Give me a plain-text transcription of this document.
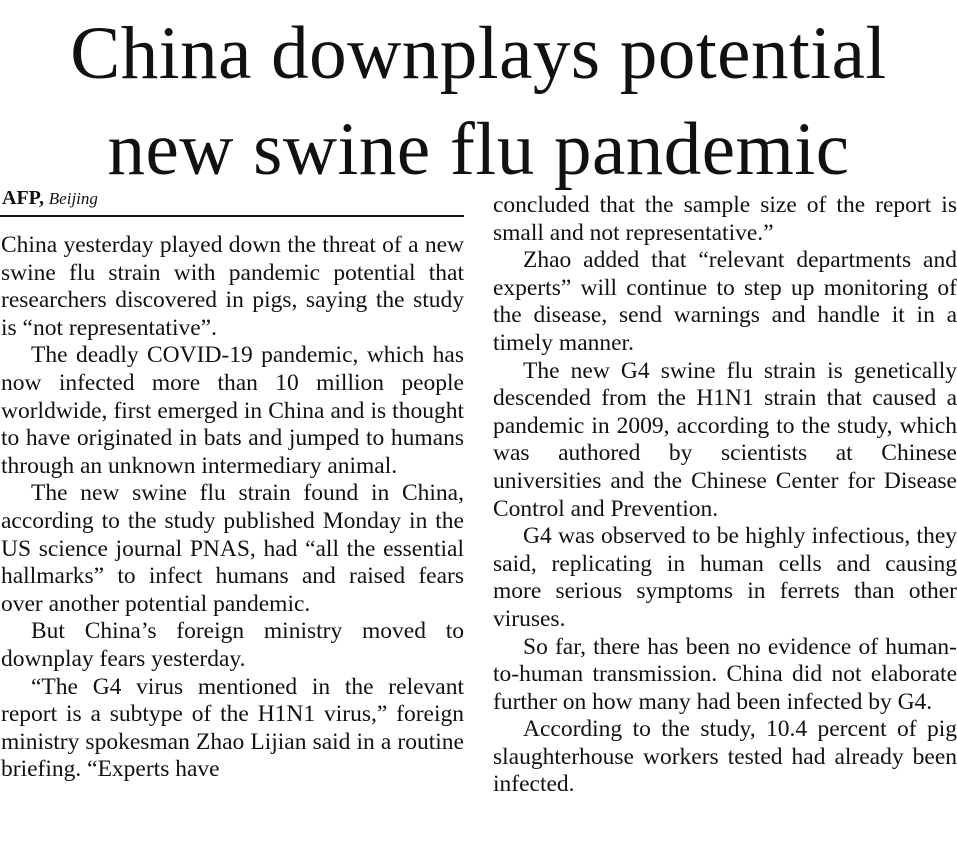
China downplays potential
new swine flu pandemic
AFP, Beijing

China yesterday played down the threat of a new swine flu strain with pandemic potential that researchers discovered in pigs, saying the study is “not representative”.

The deadly COVID-19 pandemic, which has now infected more than 10 million people worldwide, first emerged in China and is thought to have originated in bats and jumped to humans through an unknown intermediary animal.

The new swine flu strain found in China, according to the study published Monday in the US science journal PNAS, had “all the essential hallmarks” to infect humans and raised fears over another potential pandemic.

But China’s foreign ministry moved to downplay fears yesterday.

“The G4 virus mentioned in the relevant report is a subtype of the H1N1 virus,” foreign ministry spokesman Zhao Lijian said in a routine briefing. “Experts have

concluded that the sample size of the report is small and not representative.”

Zhao added that “relevant departments and experts” will continue to step up monitoring of the disease, send warnings and handle it in a timely manner.

The new G4 swine flu strain is genetically descended from the H1N1 strain that caused a pandemic in 2009, according to the study, which was authored by scientists at Chinese universities and the Chinese Center for Disease Control and Prevention.

G4 was observed to be highly infectious, they said, replicating in human cells and causing more serious symptoms in ferrets than other viruses.

So far, there has been no evidence of human-to-human transmission. China did not elaborate further on how many had been infected by G4.

According to the study, 10.4 percent of pig slaughterhouse workers tested had already been infected.
